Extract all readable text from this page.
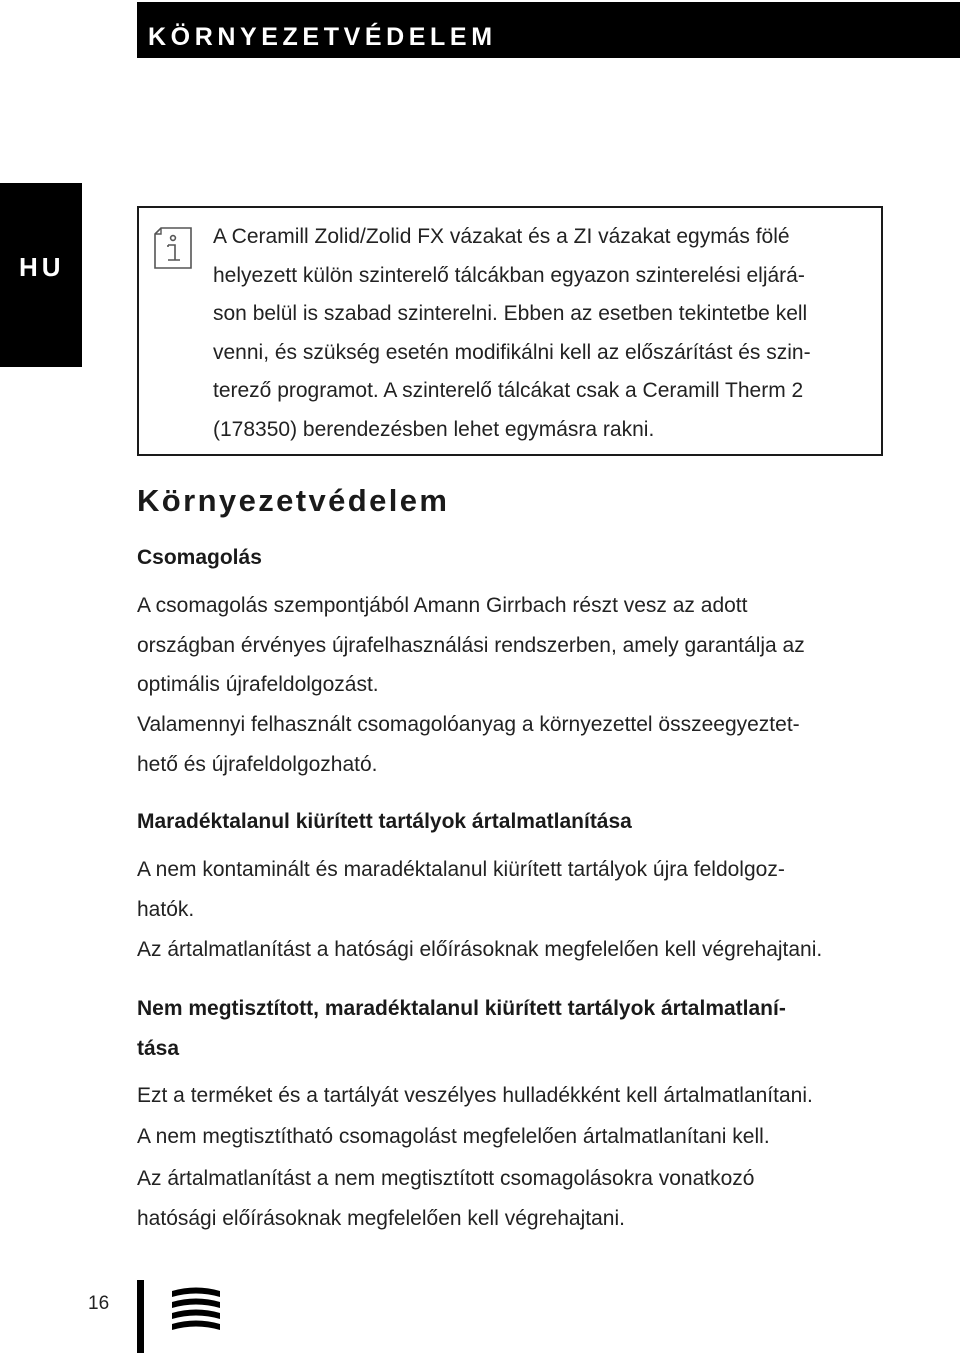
KÖRNYEZETVÉDELEM
HU

A Ceramill Zolid/Zolid FX vázakat és a ZI vázakat egymás fölé
helyezett külön szinterelő tálcákban egyazon szinterelési eljárá-
son belül is szabad szinterelni. Ebben az esetben tekintetbe kell
venni, és szükség esetén modifikálni kell az előszárítást és szin-
terező programot. A szinterelő tálcákat csak a Ceramill Therm 2
(178350) berendezésben lehet egymásra rakni.

Környezetvédelem
Csomagolás

A csomagolás szempontjából Amann Girrbach részt vesz az adott
országban érvényes újrafelhasználási rendszerben, amely garantálja az
optimális újrafeldolgozást.

Valamennyi felhasznált csomagolóanyag a környezettel összeegyeztet-
hető és újrafeldolgozható.

Maradéktalanul kiürített tartályok ártalmatlanítása

A nem kontaminált és maradéktalanul kiürített tartályok újra feldolgoz-
hatók.

Az ártalmatlanítást a hatósági előírásoknak megfelelően kell végrehajtani.

Nem megtisztított, maradéktalanul kiürített tartályok ártalmatlaní-
tása

Ezt a terméket és a tartályát veszélyes hulladékként kell ártalmatlanítani.

A nem megtisztítható csomagolást megfelelően ártalmatlanítani kell.

Az ártalmatlanítást a nem megtisztított csomagolásokra vonatkozó
hatósági előírásoknak megfelelően kell végrehajtani.

16
